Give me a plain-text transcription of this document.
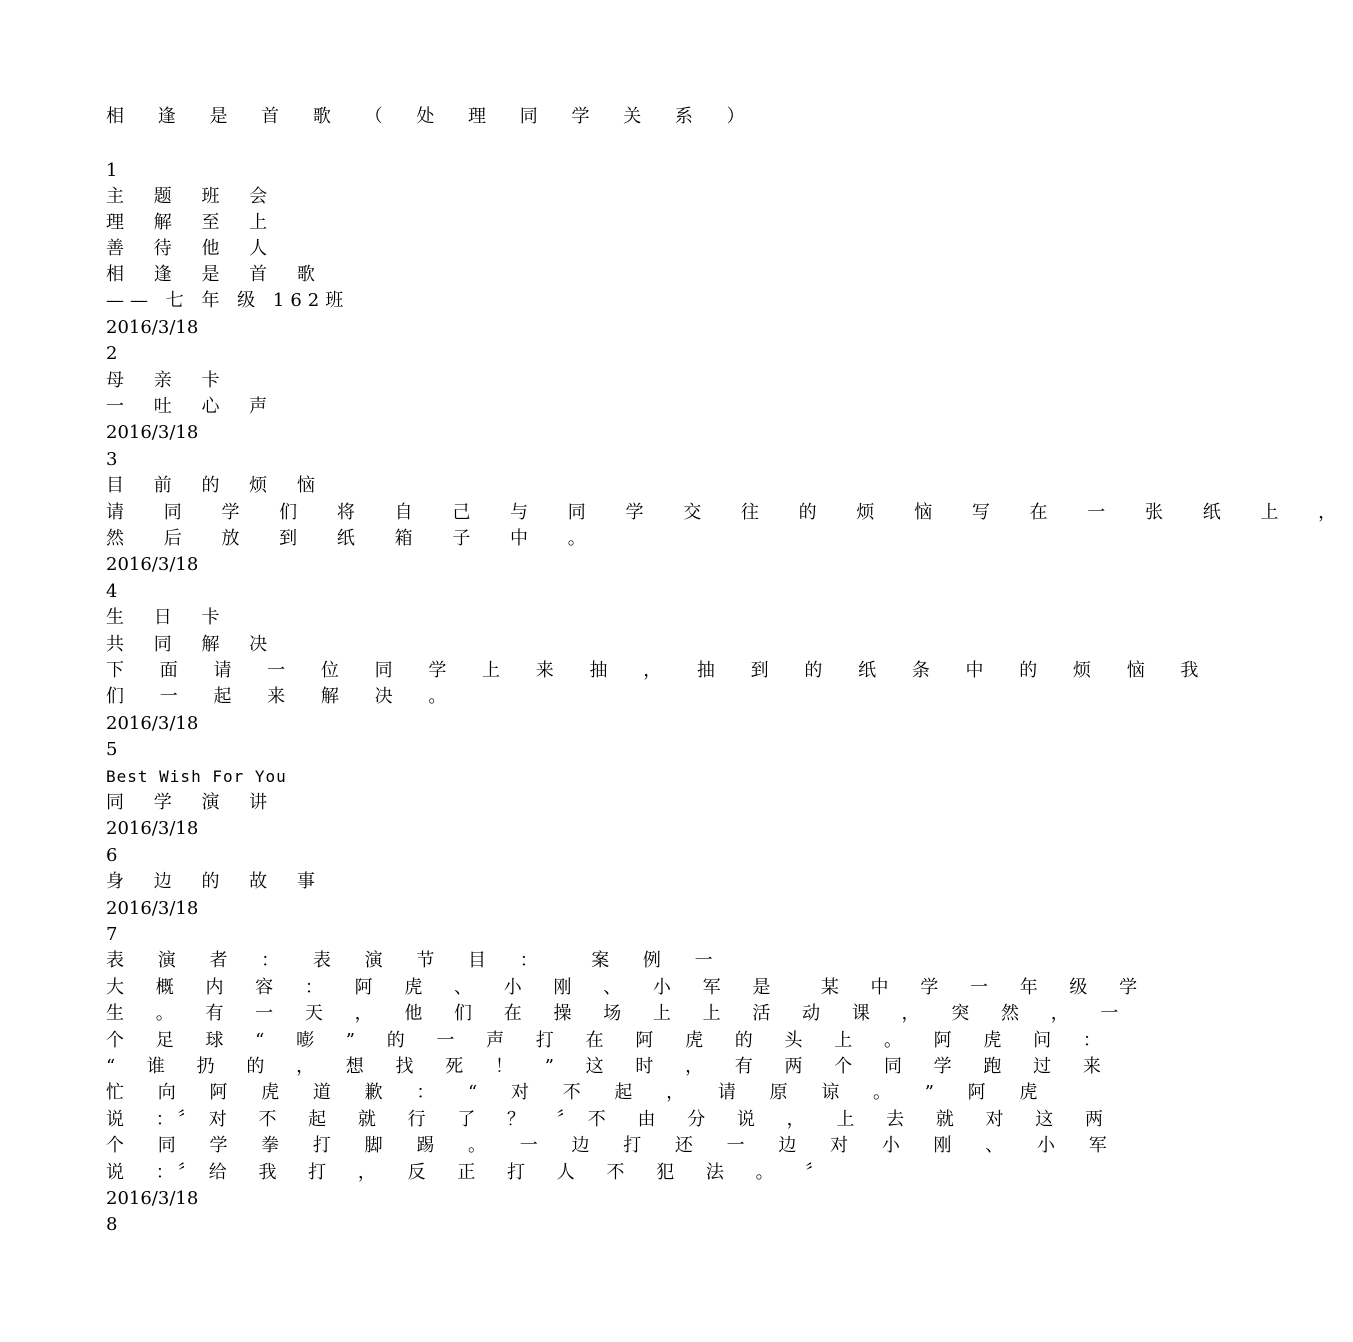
相 逢 是 首 歌 （ 处 理 同 学 关 系 ）
1
主 题 班 会
理 解 至 上
善 待 他 人
相 逢 是 首 歌
—— 七 年 级 162班
2016/3/18
2
母 亲 卡
一 吐 心 声
2016/3/18
3
目 前 的 烦 恼
请 同 学 们 将 自 己 与 同 学 交 往 的 烦 恼 写 在 一 张 纸 上 ，
然 后 放 到 纸 箱 子 中 。
2016/3/18
4
生 日 卡
共 同 解 决
下 面 请 一 位 同 学 上 来 抽 ， 抽 到 的 纸 条 中 的 烦 恼 我
们 一 起 来 解 决 。
2016/3/18
5
Best Wish For You
同 学 演 讲
2016/3/18
6
身 边 的 故 事
2016/3/18
7
表 演 者 ： 表 演 节 目 ：  案 例 一
大 概 内 容 ： 阿 虎 、 小 刚 、 小 军 是  某 中 学 一 年 级 学
生 。 有 一 天 ， 他 们 在 操 场 上 上 活 动 课 ， 突 然 ， 一
个 足 球 “ 嘭 ” 的 一 声 打 在 阿 虎 的 头 上 。 阿 虎 问 ：
“ 谁 扔 的 ， 想 找 死 ！ ” 这 时 ， 有 两 个 同 学 跑 过 来
忙 向 阿 虎 道 歉 ： “ 对 不 起 ， 请 原 谅 。 ” 阿 虎
说 ：〞对 不 起 就 行 了 ？ 〞不 由 分 说 ， 上 去 就 对 这 两
个 同 学 拳 打 脚 踢 。 一 边 打 还 一 边 对 小 刚 、 小 军
说 ：〞给 我 打 ， 反 正 打 人 不 犯 法 。 〞
2016/3/18
8
